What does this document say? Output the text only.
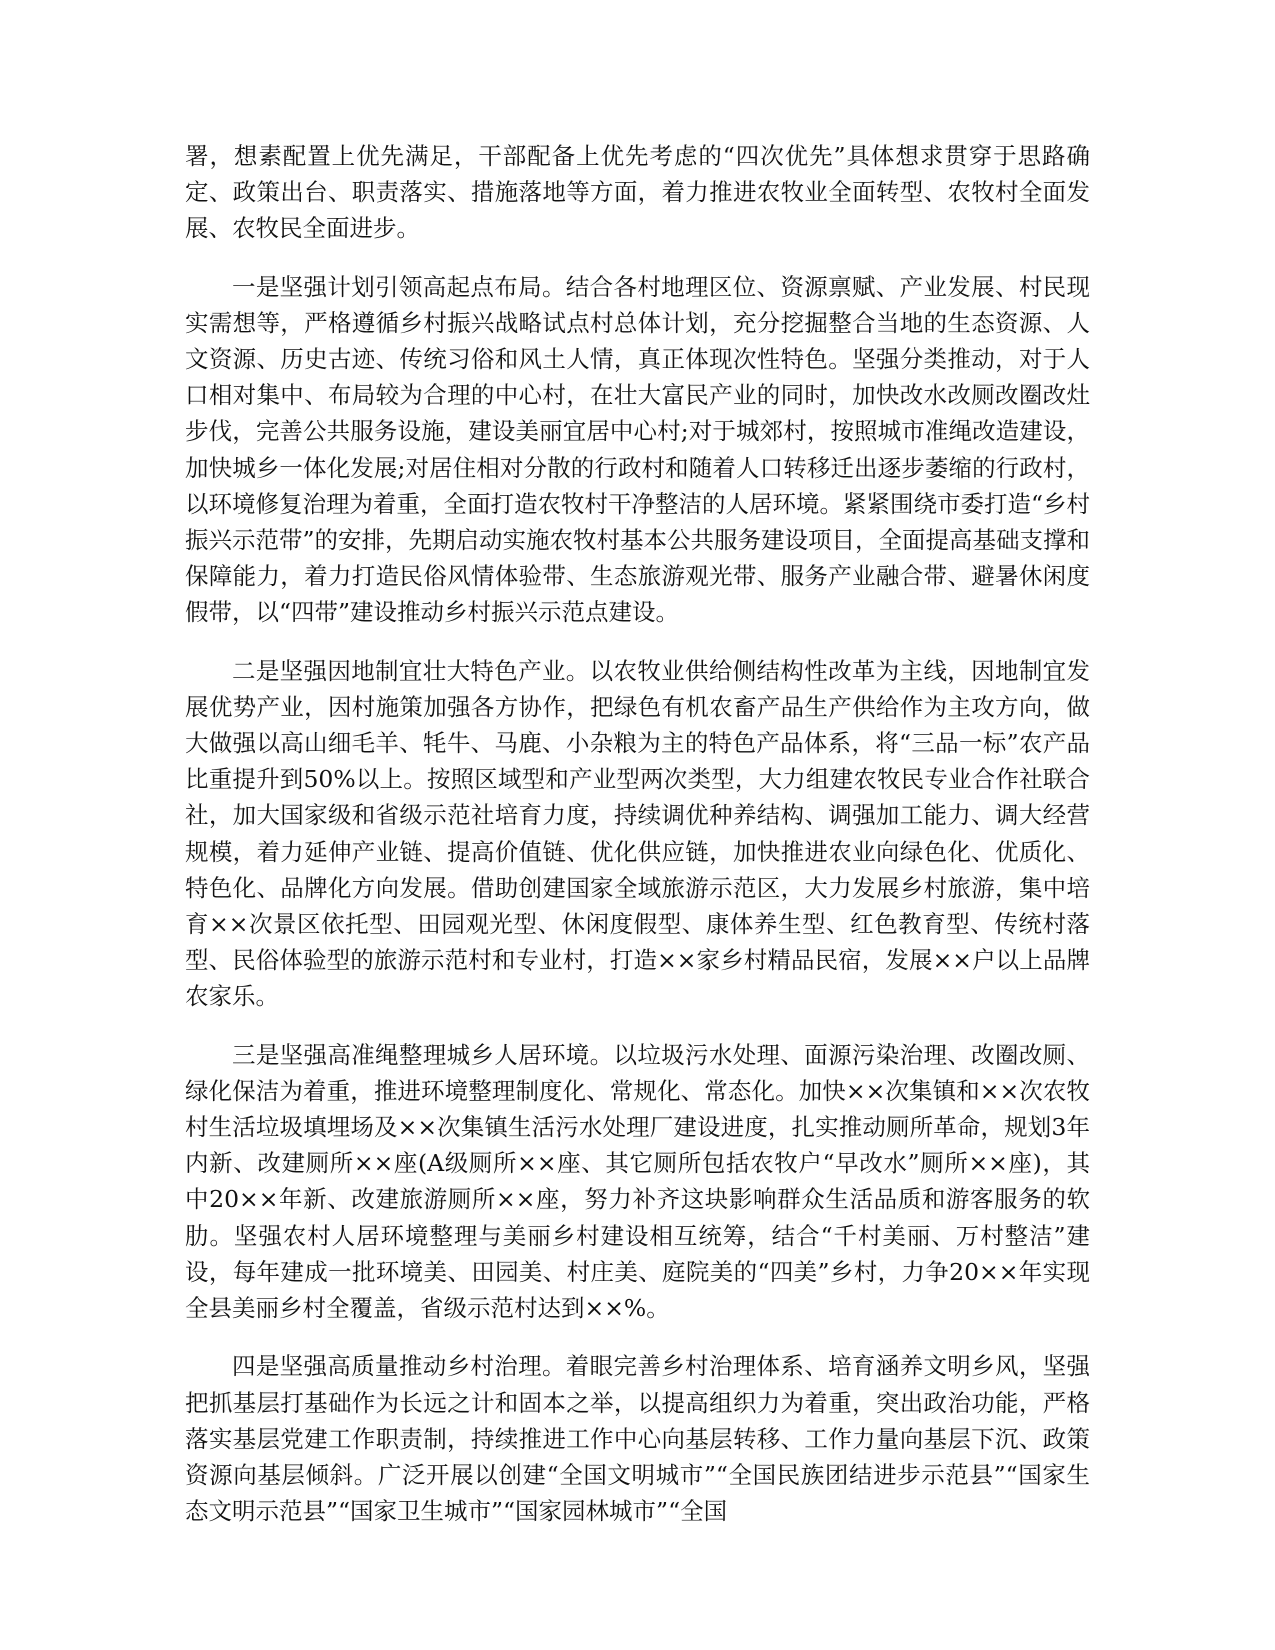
署，想素配置上优先满足，干部配备上优先考虑的“四次优先”具体想求贯穿于思路确定、政策出台、职责落实、措施落地等方面，着力推进农牧业全面转型、农牧村全面发展、农牧民全面进步。

一是坚强计划引领高起点布局。结合各村地理区位、资源禀赋、产业发展、村民现实需想等，严格遵循乡村振兴战略试点村总体计划，充分挖掘整合当地的生态资源、人文资源、历史古迹、传统习俗和风土人情，真正体现次性特色。坚强分类推动，对于人口相对集中、布局较为合理的中心村，在壮大富民产业的同时，加快改水改厕改圈改灶步伐，完善公共服务设施，建设美丽宜居中心村;对于城郊村，按照城市准绳改造建设，加快城乡一体化发展;对居住相对分散的行政村和随着人口转移迁出逐步萎缩的行政村，以环境修复治理为着重，全面打造农牧村干净整洁的人居环境。紧紧围绕市委打造“乡村振兴示范带”的安排，先期启动实施农牧村基本公共服务建设项目，全面提高基础支撑和保障能力，着力打造民俗风情体验带、生态旅游观光带、服务产业融合带、避暑休闲度假带，以“四带”建设推动乡村振兴示范点建设。

二是坚强因地制宜壮大特色产业。以农牧业供给侧结构性改革为主线，因地制宜发展优势产业，因村施策加强各方协作，把绿色有机农畜产品生产供给作为主攻方向，做大做强以高山细毛羊、牦牛、马鹿、小杂粮为主的特色产品体系，将“三品一标”农产品比重提升到50%以上。按照区域型和产业型两次类型，大力组建农牧民专业合作社联合社，加大国家级和省级示范社培育力度，持续调优种养结构、调强加工能力、调大经营规模，着力延伸产业链、提高价值链、优化供应链，加快推进农业向绿色化、优质化、特色化、品牌化方向发展。借助创建国家全域旅游示范区，大力发展乡村旅游，集中培育××次景区依托型、田园观光型、休闲度假型、康体养生型、红色教育型、传统村落型、民俗体验型的旅游示范村和专业村，打造××家乡村精品民宿，发展××户以上品牌农家乐。

三是坚强高准绳整理城乡人居环境。以垃圾污水处理、面源污染治理、改圈改厕、绿化保洁为着重，推进环境整理制度化、常规化、常态化。加快××次集镇和××次农牧村生活垃圾填埋场及××次集镇生活污水处理厂建设进度，扎实推动厕所革命，规划3年内新、改建厕所××座(A级厕所××座、其它厕所包括农牧户“早改水”厕所××座)，其中20××年新、改建旅游厕所××座，努力补齐这块影响群众生活品质和游客服务的软肋。坚强农村人居环境整理与美丽乡村建设相互统筹，结合“千村美丽、万村整洁”建设，每年建成一批环境美、田园美、村庄美、庭院美的“四美”乡村，力争20××年实现全县美丽乡村全覆盖，省级示范村达到××%。

四是坚强高质量推动乡村治理。着眼完善乡村治理体系、培育涵养文明乡风，坚强把抓基层打基础作为长远之计和固本之举，以提高组织力为着重，突出政治功能，严格落实基层党建工作职责制，持续推进工作中心向基层转移、工作力量向基层下沉、政策资源向基层倾斜。广泛开展以创建“全国文明城市”“全国民族团结进步示范县”“国家生态文明示范县”“国家卫生城市”“国家园林城市”“全国
